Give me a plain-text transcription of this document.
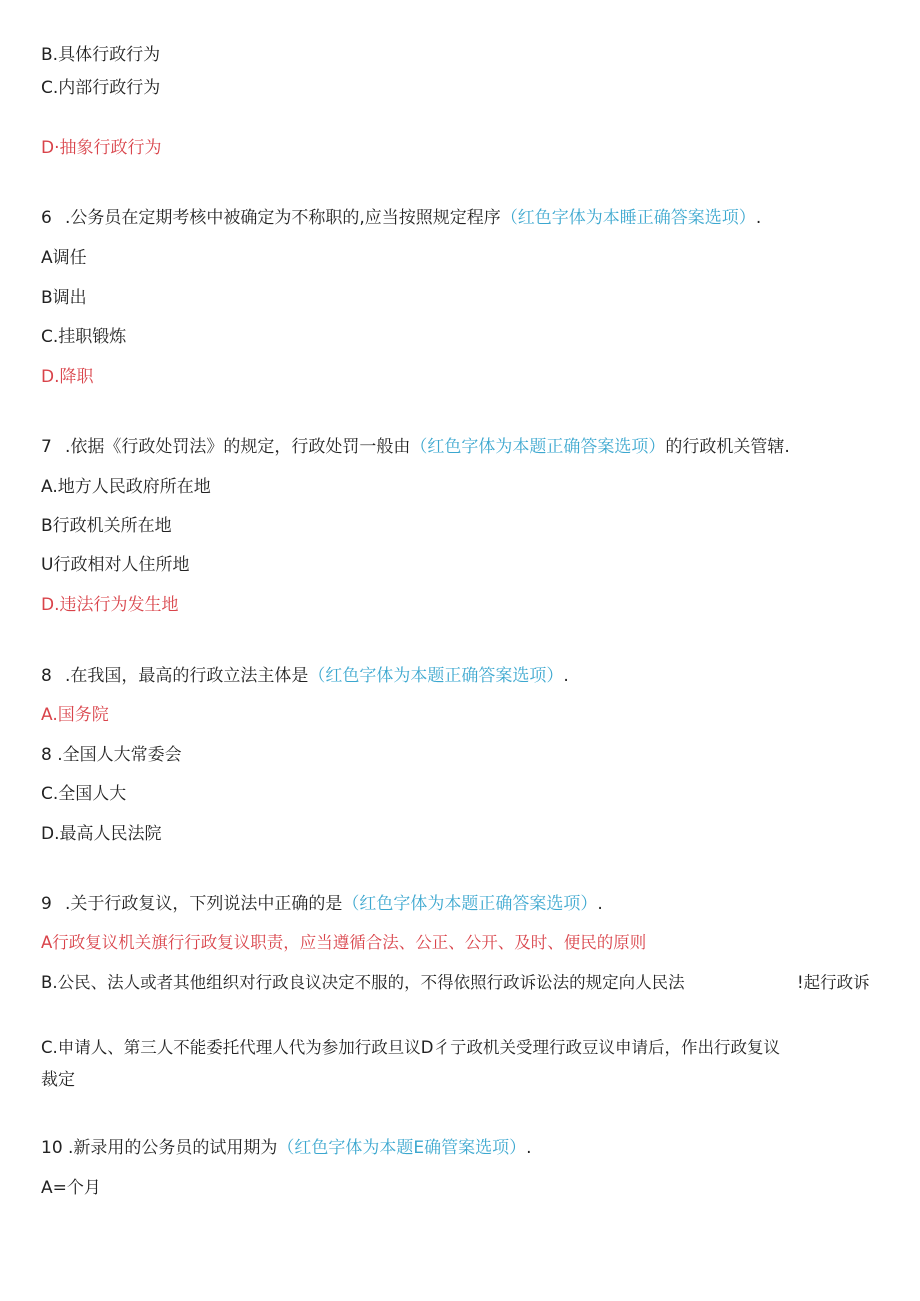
B.具体行政行为
C.内部行政行为
D·抽象行政行为
6 .公务员在定期考核中被确定为不称职的,应当按照规定程序（红色字体为本睡正确答案选项）.
A调任
B调出
C.挂职锻炼
D.降职
7 .依据《行政处罚法》的规定，行政处罚一般由（红色字体为本题正确答案选项）的行政机关管辖.
A.地方人民政府所在地
B行政机关所在地
U行政相对人住所地
D.违法行为发生地
8 .在我国，最高的行政立法主体是（红色字体为本题正确答案选项）.
A.国务院
8 .全国人大常委会
C.全国人大
D.最高人民法院
9 .关于行政复议，下列说法中正确的是（红色字体为本题正确答案选项）.
A行政复议机关旗行行政复议职责，应当遵循合法、公正、公开、及时、便民的原则
B.公民、法人或者其他组织对行政良议决定不服的，不得依照行政诉讼法的规定向人民法	!起行政诉
C.申请人、第三人不能委托代理人代为参加行政旦议D彳亍政机关受理行政豆议申请后，作出行政复议
裁定
10 .新录用的公务员的试用期为（红色字体为本题E确管案选项）.
A=个月
